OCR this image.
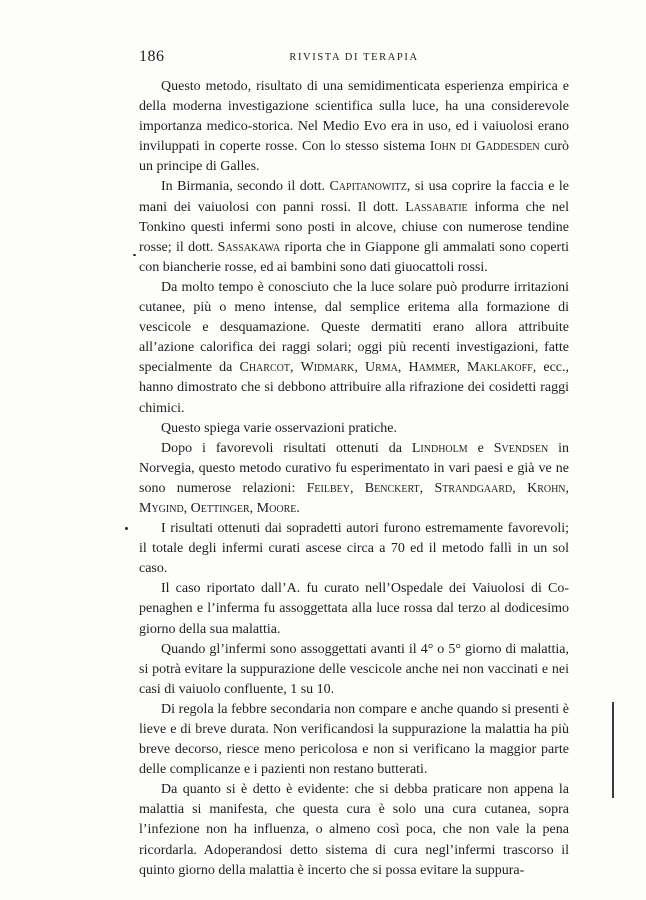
186	RIVISTA DI TERAPIA

Questo metodo, risultato di una semidimenticata esperienza empirica e della moderna investigazione scientifica sulla luce, ha una considerevole importanza medico-storica. Nel Medio Evo era in uso, ed i vaiuolosi erano inviluppati in coperte rosse. Con lo stesso sistema Iohn di Gaddesden curò un principe di Galles.

In Birmania, secondo il dott. Capitanowitz, si usa coprire la faccia e le mani dei vaiuolosi con panni rossi. Il dott. Lassabatie informa che nel Tonkino questi infermi sono posti in alcove, chiuse con numerose tendine rosse; il dott. Sassakawa riporta che in Giappone gli ammalati sono coperti con biancherie rosse, ed ai bambini sono dati giuocattoli rossi.

Da molto tempo è conosciuto che la luce solare può produrre irritazioni cutanee, più o meno intense, dal semplice eritema alla formazione di vescicole e desquamazione. Queste dermatiti erano allora attribuite all’azione calorifica dei raggi solari; oggi più recenti investigazioni, fatte specialmente da Charcot, Widmark, Urma, Hammer, Maklakoff, ecc., hanno dimostrato che si debbono attribuire alla rifrazione dei cosidetti raggi chimici.

Questo spiega varie osservazioni pratiche.

Dopo i favorevoli risultati ottenuti da Lindholm e Svendsen in Norvegia, questo metodo curativo fu esperimentato in vari paesi e già ve ne sono numerose relazioni: Feilbey, Benckert, Strandgaard, Krohn, Mygind, Oettinger, Moore.

I risultati ottenuti dai sopradetti autori furono estremamente favorevoli; il totale degli infermi curati ascese circa a 70 ed il metodo fallì in un sol caso.

Il caso riportato dall’A. fu curato nell’Ospedale dei Vaiuolosi di Copenaghen e l’inferma fu assoggettata alla luce rossa dal terzo al dodicesimo giorno della sua malattia.

Quando gl’infermi sono assoggettati avanti il 4° o 5° giorno di malattia, si potrà evitare la suppurazione delle vescicole anche nei non vaccinati e nei casi di vaiuolo confluente, 1 su 10.

Di regola la febbre secondaria non compare e anche quando si presenti è lieve e di breve durata. Non verificandosi la suppurazione la malattia ha più breve decorso, riesce meno pericolosa e non si verificano la maggior parte delle complicanze e i pazienti non restano butterati.

Da quanto si è detto è evidente: che si debba praticare non appena la malattia si manifesta, che questa cura è solo una cura cutanea, sopra l’infezione non ha influenza, o almeno così poca, che non vale la pena ricordarla. Adoperandosi detto sistema di cura negl’infermi trascorso il quinto giorno della malattia è incerto che si possa evitare la suppura-
